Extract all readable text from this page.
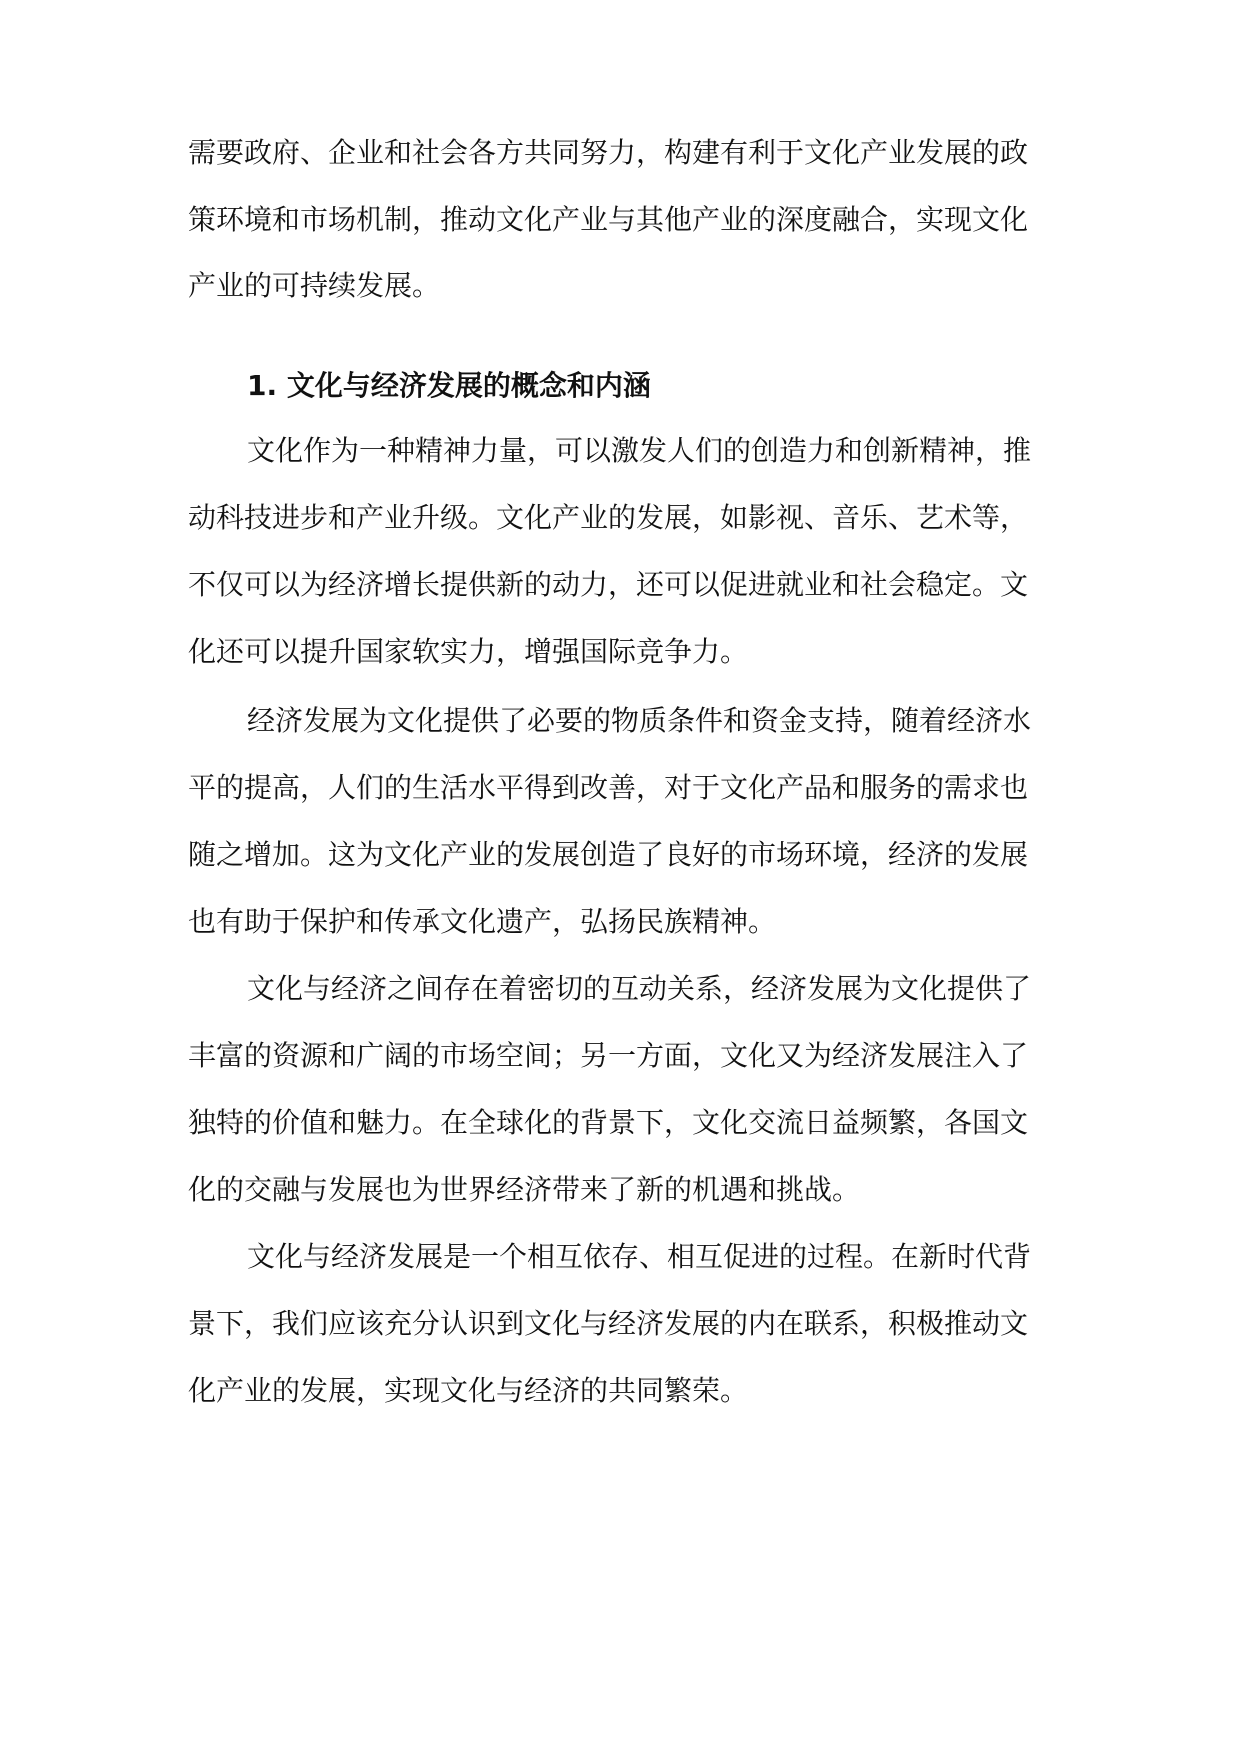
需要政府、企业和社会各方共同努力，构建有利于文化产业发展的政
策环境和市场机制，推动文化产业与其他产业的深度融合，实现文化
产业的可持续发展。
1. 文化与经济发展的概念和内涵
文化作为一种精神力量，可以激发人们的创造力和创新精神，推
动科技进步和产业升级。文化产业的发展，如影视、音乐、艺术等，
不仅可以为经济增长提供新的动力，还可以促进就业和社会稳定。文
化还可以提升国家软实力，增强国际竞争力。
经济发展为文化提供了必要的物质条件和资金支持，随着经济水
平的提高，人们的生活水平得到改善，对于文化产品和服务的需求也
随之增加。这为文化产业的发展创造了良好的市场环境，经济的发展
也有助于保护和传承文化遗产，弘扬民族精神。
文化与经济之间存在着密切的互动关系，经济发展为文化提供了
丰富的资源和广阔的市场空间；另一方面，文化又为经济发展注入了
独特的价值和魅力。在全球化的背景下，文化交流日益频繁，各国文
化的交融与发展也为世界经济带来了新的机遇和挑战。
文化与经济发展是一个相互依存、相互促进的过程。在新时代背
景下，我们应该充分认识到文化与经济发展的内在联系，积极推动文
化产业的发展，实现文化与经济的共同繁荣。
